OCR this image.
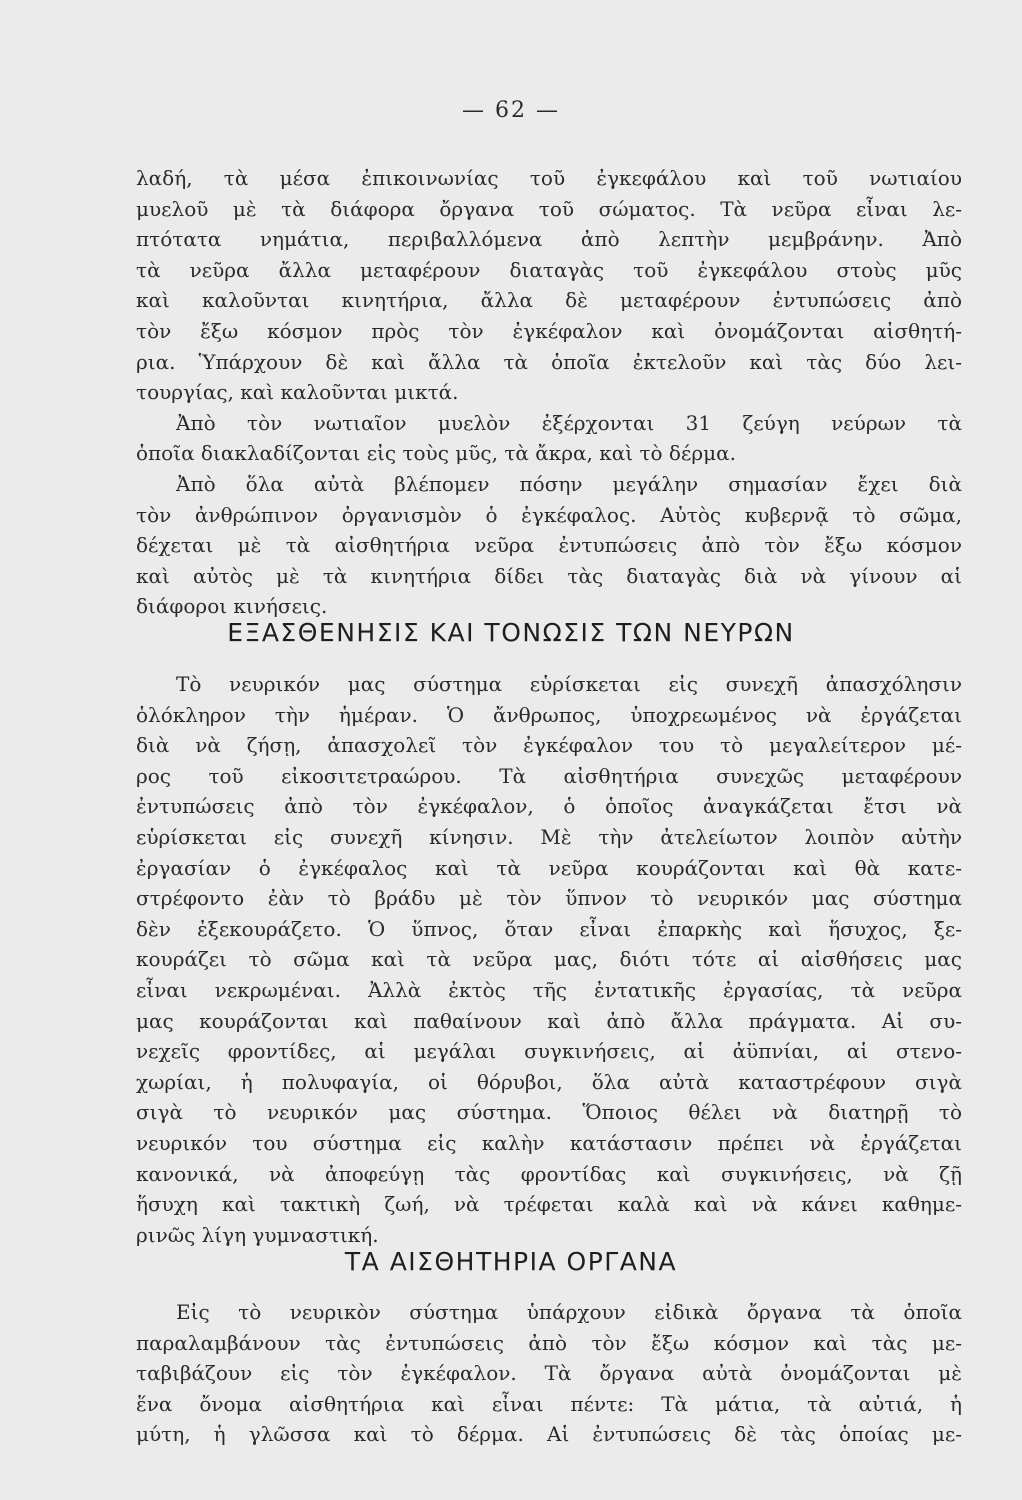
— 62 —
λαδή, τὰ μέσα ἐπικοινωνίας τοῦ ἐγκεφάλου καὶ τοῦ νωτιαίου
μυελοῦ μὲ τὰ διάφορα ὄργανα τοῦ σώματος. Τὰ νεῦρα εἶναι λε-
πτότατα νημάτια, περιβαλλόμενα ἀπὸ λεπτὴν μεμβράνην. Ἀπὸ
τὰ νεῦρα ἄλλα μεταφέρουν διαταγὰς τοῦ ἐγκεφάλου στοὺς μῦς
καὶ καλοῦνται κινητήρια, ἄλλα δὲ μεταφέρουν ἐντυπώσεις ἀπὸ
τὸν ἔξω κόσμον πρὸς τὸν ἐγκέφαλον καὶ ὀνομάζονται αἰσθητή-
ρια. Ὑπάρχουν δὲ καὶ ἄλλα τὰ ὁποῖα ἐκτελοῦν καὶ τὰς δύο λει-
τουργίας, καὶ καλοῦνται μικτά.
Ἀπὸ τὸν νωτιαῖον μυελὸν ἐξέρχονται 31 ζεύγη νεύρων τὰ
ὁποῖα διακλαδίζονται εἰς τοὺς μῦς, τὰ ἄκρα, καὶ τὸ δέρμα.
Ἀπὸ ὅλα αὐτὰ βλέπομεν πόσην μεγάλην σημασίαν ἔχει διὰ
τὸν ἀνθρώπινον ὀργανισμὸν ὁ ἐγκέφαλος. Αὐτὸς κυβερνᾷ τὸ σῶμα,
δέχεται μὲ τὰ αἰσθητήρια νεῦρα ἐντυπώσεις ἀπὸ τὸν ἔξω κόσμον
καὶ αὐτὸς μὲ τὰ κινητήρια δίδει τὰς διαταγὰς διὰ νὰ γίνουν αἱ
διάφοροι κινήσεις.
ΕΞΑΣΘΕΝΗΣΙΣ ΚΑΙ ΤΟΝΩΣΙΣ ΤΩΝ ΝΕΥΡΩΝ
Τὸ νευρικόν μας σύστημα εὑρίσκεται εἰς συνεχῆ ἀπασχόλησιν
ὁλόκληρον τὴν ἡμέραν. Ὁ ἄνθρωπος, ὑποχρεωμένος νὰ ἐργάζεται
διὰ νὰ ζήσῃ, ἀπασχολεῖ τὸν ἐγκέφαλον του τὸ μεγαλείτερον μέ-
ρος τοῦ εἰκοσιτετραώρου. Τὰ αἰσθητήρια συνεχῶς μεταφέρουν
ἐντυπώσεις ἀπὸ τὸν ἐγκέφαλον, ὁ ὁποῖος ἀναγκάζεται ἔτσι νὰ
εὑρίσκεται εἰς συνεχῆ κίνησιν. Μὲ τὴν ἀτελείωτον λοιπὸν αὐτὴν
ἐργασίαν ὁ ἐγκέφαλος καὶ τὰ νεῦρα κουράζονται καὶ θὰ κατε-
στρέφοντο ἐὰν τὸ βράδυ μὲ τὸν ὕπνον τὸ νευρικόν μας σύστημα
δὲν ἐξεκουράζετο. Ὁ ὕπνος, ὅταν εἶναι ἐπαρκὴς καὶ ἥσυχος, ξε-
κουράζει τὸ σῶμα καὶ τὰ νεῦρα μας, διότι τότε αἱ αἰσθήσεις μας
εἶναι νεκρωμέναι. Ἀλλὰ ἐκτὸς τῆς ἐντατικῆς ἐργασίας, τὰ νεῦρα
μας κουράζονται καὶ παθαίνουν καὶ ἀπὸ ἄλλα πράγματα. Αἱ συ-
νεχεῖς φροντίδες, αἱ μεγάλαι συγκινήσεις, αἱ ἀϋπνίαι, αἱ στενο-
χωρίαι, ἡ πολυφαγία, οἱ θόρυβοι, ὅλα αὐτὰ καταστρέφουν σιγὰ
σιγὰ τὸ νευρικόν μας σύστημα. Ὅποιος θέλει νὰ διατηρῇ τὸ
νευρικόν του σύστημα εἰς καλὴν κατάστασιν πρέπει νὰ ἐργάζεται
κανονικά, νὰ ἀποφεύγῃ τὰς φροντίδας καὶ συγκινήσεις, νὰ ζῇ
ἥσυχη καὶ τακτικὴ ζωή, νὰ τρέφεται καλὰ καὶ νὰ κάνει καθημε-
ρινῶς λίγη γυμναστική.
ΤΑ ΑΙΣΘΗΤΗΡΙΑ ΟΡΓΑΝΑ
Εἰς τὸ νευρικὸν σύστημα ὑπάρχουν εἰδικὰ ὄργανα τὰ ὁποῖα
παραλαμβάνουν τὰς ἐντυπώσεις ἀπὸ τὸν ἔξω κόσμον καὶ τὰς με-
ταβιβάζουν εἰς τὸν ἐγκέφαλον. Τὰ ὄργανα αὐτὰ ὀνομάζονται μὲ
ἕνα ὄνομα αἰσθητήρια καὶ εἶναι πέντε: Τὰ μάτια, τὰ αὐτιά, ἡ
μύτη, ἡ γλῶσσα καὶ τὸ δέρμα. Αἱ ἐντυπώσεις δὲ τὰς ὁποίας με-
